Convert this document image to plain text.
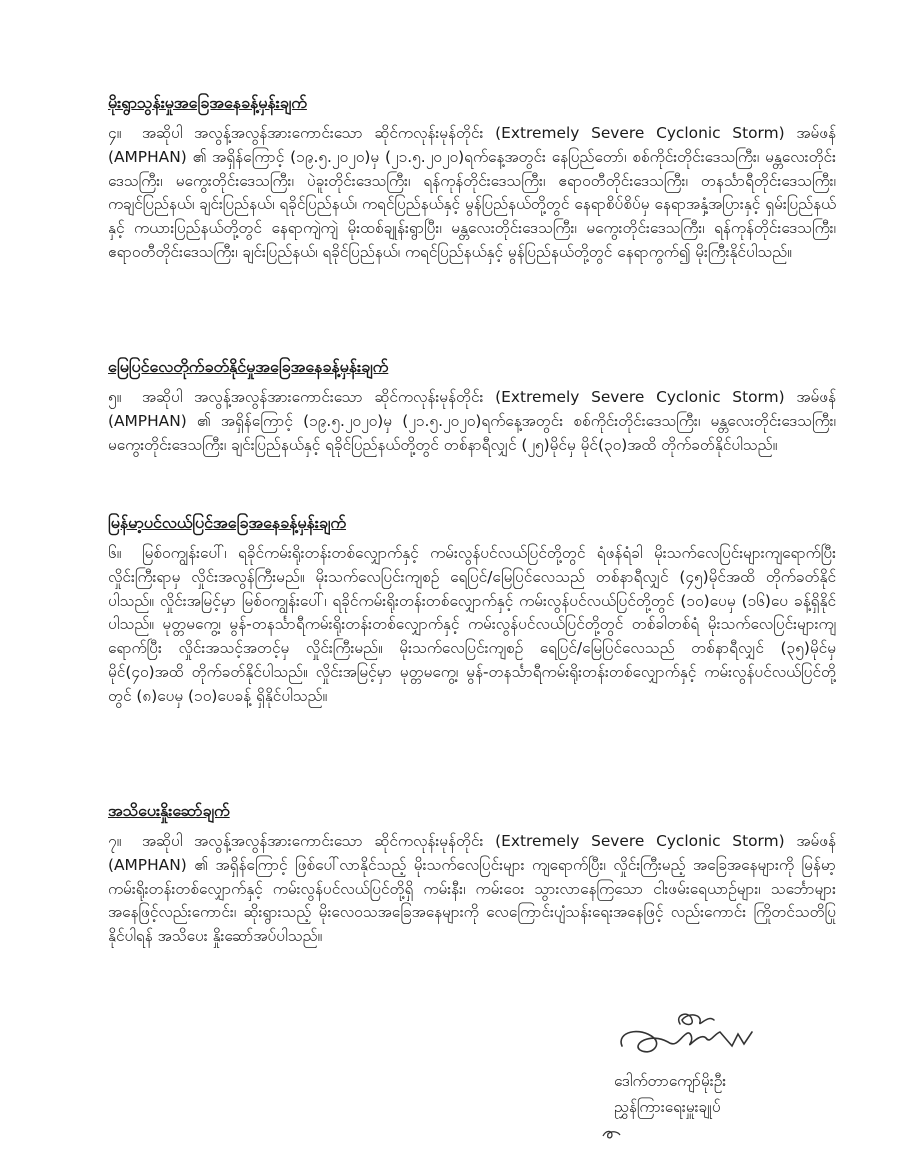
မိုးရွာသွန်းမှုအခြေအနေခန့်မှန်းချက်

၄။ အဆိုပါ အလွန့်အလွန်အားကောင်းသော ဆိုင်ကလုန်းမုန်တိုင်း (Extremely Severe Cyclonic Storm) အမ်ဖန် (AMPHAN) ၏ အရှိန်ကြောင့် (၁၉.၅.၂၀၂၀)မှ (၂၁.၅.၂၀၂၀)ရက်နေ့အတွင်း နေပြည်တော်၊ စစ်ကိုင်းတိုင်းဒေသကြီး၊ မန္တလေးတိုင်းဒေသကြီး၊ မကွေးတိုင်းဒေသကြီး၊ ပဲခူးတိုင်းဒေသကြီး၊ ရန်ကုန်တိုင်းဒေသကြီး၊ ဧရာဝတီတိုင်းဒေသကြီး၊ တနင်္သာရီတိုင်းဒေသကြီး၊ ကချင်ပြည်နယ်၊ ချင်းပြည်နယ်၊ ရခိုင်ပြည်နယ်၊ ကရင်ပြည်နယ်နှင့် မွန်ပြည်နယ်တို့တွင် နေရာစိပ်စိပ်မှ နေရာအနှံ့အပြားနှင့် ရှမ်းပြည်နယ်နှင့် ကယားပြည်နယ်တို့တွင် နေရာကျဲကျဲ မိုးထစ်ချုန်းရွာပြီး၊ မန္တလေးတိုင်းဒေသကြီး၊ မကွေးတိုင်းဒေသကြီး၊ ရန်ကုန်တိုင်းဒေသကြီး၊ ဧရာဝတီတိုင်းဒေသကြီး၊ ချင်းပြည်နယ်၊ ရခိုင်ပြည်နယ်၊ ကရင်ပြည်နယ်နှင့် မွန်ပြည်နယ်တို့တွင် နေရာကွက်၍ မိုးကြီးနိုင်ပါသည်။

မြေပြင်လေတိုက်ခတ်နိုင်မှုအခြေအနေခန့်မှန်းချက်

၅။ အဆိုပါ အလွန့်အလွန်အားကောင်းသော ဆိုင်ကလုန်းမုန်တိုင်း (Extremely Severe Cyclonic Storm) အမ်ဖန် (AMPHAN) ၏ အရှိန်ကြောင့် (၁၉.၅.၂၀၂၀)မှ (၂၁.၅.၂၀၂၀)ရက်နေ့အတွင်း စစ်ကိုင်းတိုင်းဒေသကြီး၊ မန္တလေးတိုင်းဒေသကြီး၊ မကွေးတိုင်းဒေသကြီး၊ ချင်းပြည်နယ်နှင့် ရခိုင်ပြည်နယ်တို့တွင် တစ်နာရီလျှင် (၂၅)မိုင်မှ မိုင်(၃၀)အထိ တိုက်ခတ်နိုင်ပါသည်။

မြန်မာ့ပင်လယ်ပြင်အခြေအနေခန့်မှန်းချက်

၆။ မြစ်ဝကျွန်းပေါ်၊ ရခိုင်ကမ်းရိုးတန်းတစ်လျှောက်နှင့် ကမ်းလွန်ပင်လယ်ပြင်တို့တွင် ရံဖန်ရံခါ မိုးသက်လေပြင်းများကျရောက်ပြီး လှိုင်းကြီးရာမှ လှိုင်းအလွန်ကြီးမည်။ မိုးသက်လေပြင်းကျစဉ် ရေပြင်/မြေပြင်လေသည် တစ်နာရီလျှင် (၄၅)မိုင်အထိ တိုက်ခတ်နိုင်ပါသည်။ လှိုင်းအမြင့်မှာ မြစ်ဝကျွန်းပေါ်၊ ရခိုင်ကမ်းရိုးတန်းတစ်လျှောက်နှင့် ကမ်းလွန်ပင်လယ်ပြင်တို့တွင် (၁၀)ပေမှ (၁၆)ပေ ခန့်ရှိနိုင်ပါသည်။ မုတ္တမကွေ့၊ မွန်-တနင်္သာရီကမ်းရိုးတန်းတစ်လျှောက်နှင့် ကမ်းလွန်ပင်လယ်ပြင်တို့တွင် တစ်ခါတစ်ရံ မိုးသက်လေပြင်းများကျရောက်ပြီး လှိုင်းအသင့်အတင့်မှ လှိုင်းကြီးမည်။ မိုးသက်လေပြင်းကျစဉ် ရေပြင်/မြေပြင်လေသည် တစ်နာရီလျှင် (၃၅)မိုင်မှ မိုင်(၄၀)အထိ တိုက်ခတ်နိုင်ပါသည်။ လှိုင်းအမြင့်မှာ မုတ္တမကွေ့၊ မွန်-တနင်္သာရီကမ်းရိုးတန်းတစ်လျှောက်နှင့် ကမ်းလွန်ပင်လယ်ပြင်တို့တွင် (၈)ပေမှ (၁၀)ပေခန့် ရှိနိုင်ပါသည်။

အသိပေးနှိုးဆော်ချက်

၇။ အဆိုပါ အလွန့်အလွန်အားကောင်းသော ဆိုင်ကလုန်းမုန်တိုင်း (Extremely Severe Cyclonic Storm) အမ်ဖန် (AMPHAN) ၏ အရှိန်ကြောင့် ဖြစ်ပေါ်လာနိုင်သည့် မိုးသက်လေပြင်းများ ကျရောက်ပြီး၊ လှိုင်းကြီးမည့် အခြေအနေများကို မြန်မာ့ကမ်းရိုးတန်းတစ်လျှောက်နှင့် ကမ်းလွန်ပင်လယ်ပြင်တို့ရှိ ကမ်းနီး၊ ကမ်းဝေး သွားလာနေကြသော ငါးဖမ်းရေယာဉ်များ၊ သင်္ဘောများအနေဖြင့်လည်းကောင်း၊ ဆိုးရွားသည့် မိုးလေဝသအခြေအနေများကို လေကြောင်းပျံသန်းရေးအနေဖြင့် လည်းကောင်း ကြိုတင်သတိပြုနိုင်ပါရန် အသိပေး နှိုးဆော်အပ်ပါသည်။

ဒေါက်တာကျော်မိုးဦး
ညွှန်ကြားရေးမှူးချုပ်
